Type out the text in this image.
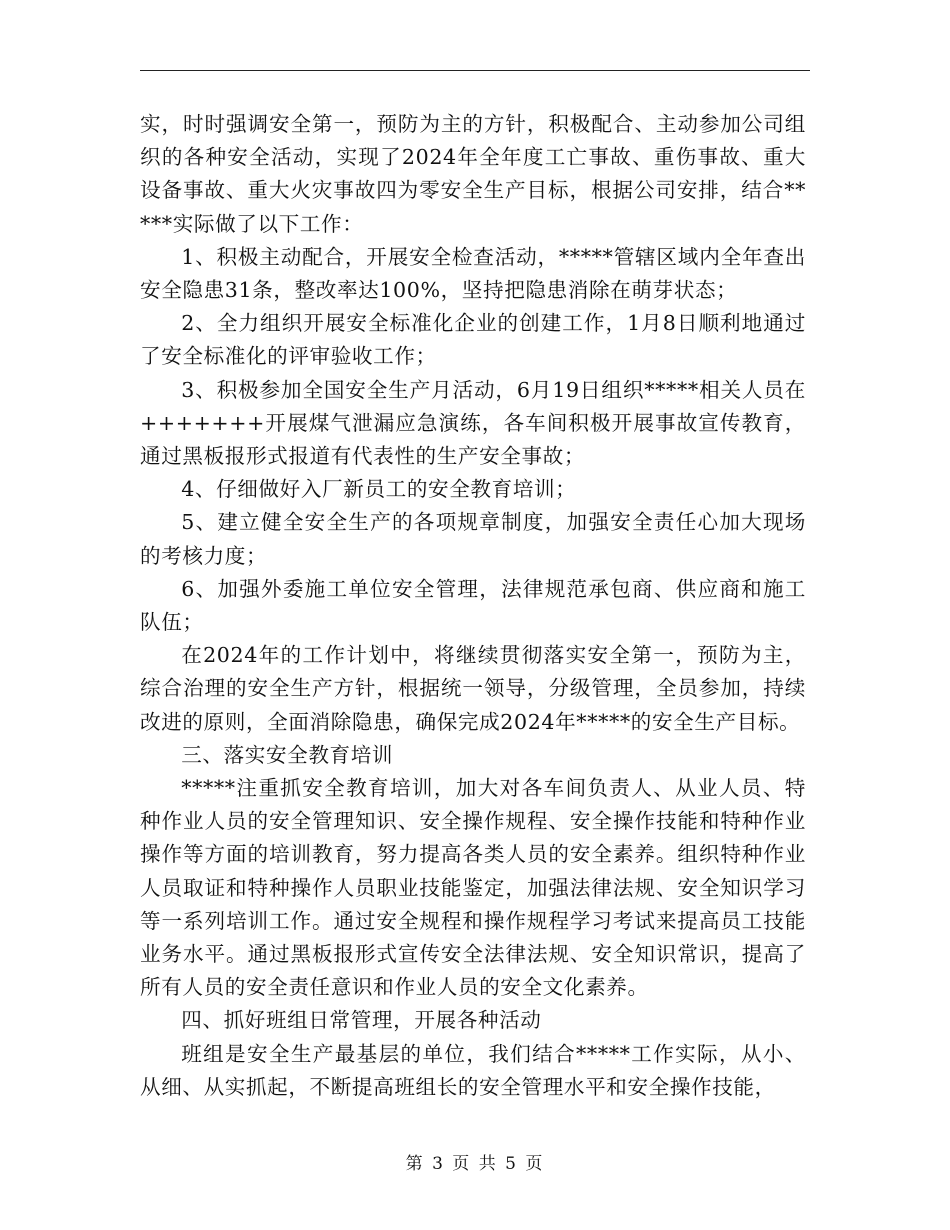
实，时时强调安全第一，预防为主的方针，积极配合、主动参加公司组织的各种安全活动，实现了2024年全年度工亡事故、重伤事故、重大设备事故、重大火灾事故四为零安全生产目标，根据公司安排，结合*****实际做了以下工作：

1、积极主动配合，开展安全检查活动，*****管辖区域内全年查出安全隐患31条，整改率达100%，坚持把隐患消除在萌芽状态；

2、全力组织开展安全标准化企业的创建工作，1月8日顺利地通过了安全标准化的评审验收工作；

3、积极参加全国安全生产月活动，6月19日组织*****相关人员在+++++++开展煤气泄漏应急演练，各车间积极开展事故宣传教育，通过黑板报形式报道有代表性的生产安全事故；

4、仔细做好入厂新员工的安全教育培训；

5、建立健全安全生产的各项规章制度，加强安全责任心加大现场的考核力度；

6、加强外委施工单位安全管理，法律规范承包商、供应商和施工队伍；

在2024年的工作计划中，将继续贯彻落实安全第一，预防为主，综合治理的安全生产方针，根据统一领导，分级管理，全员参加，持续改进的原则，全面消除隐患，确保完成2024年*****的安全生产目标。

三、落实安全教育培训

*****注重抓安全教育培训，加大对各车间负责人、从业人员、特种作业人员的安全管理知识、安全操作规程、安全操作技能和特种作业操作等方面的培训教育，努力提高各类人员的安全素养。组织特种作业人员取证和特种操作人员职业技能鉴定，加强法律法规、安全知识学习等一系列培训工作。通过安全规程和操作规程学习考试来提高员工技能业务水平。通过黑板报形式宣传安全法律法规、安全知识常识，提高了所有人员的安全责任意识和作业人员的安全文化素养。

四、抓好班组日常管理，开展各种活动

班组是安全生产最基层的单位，我们结合*****工作实际，从小、从细、从实抓起，不断提高班组长的安全管理水平和安全操作技能，

第 3 页 共 5 页
